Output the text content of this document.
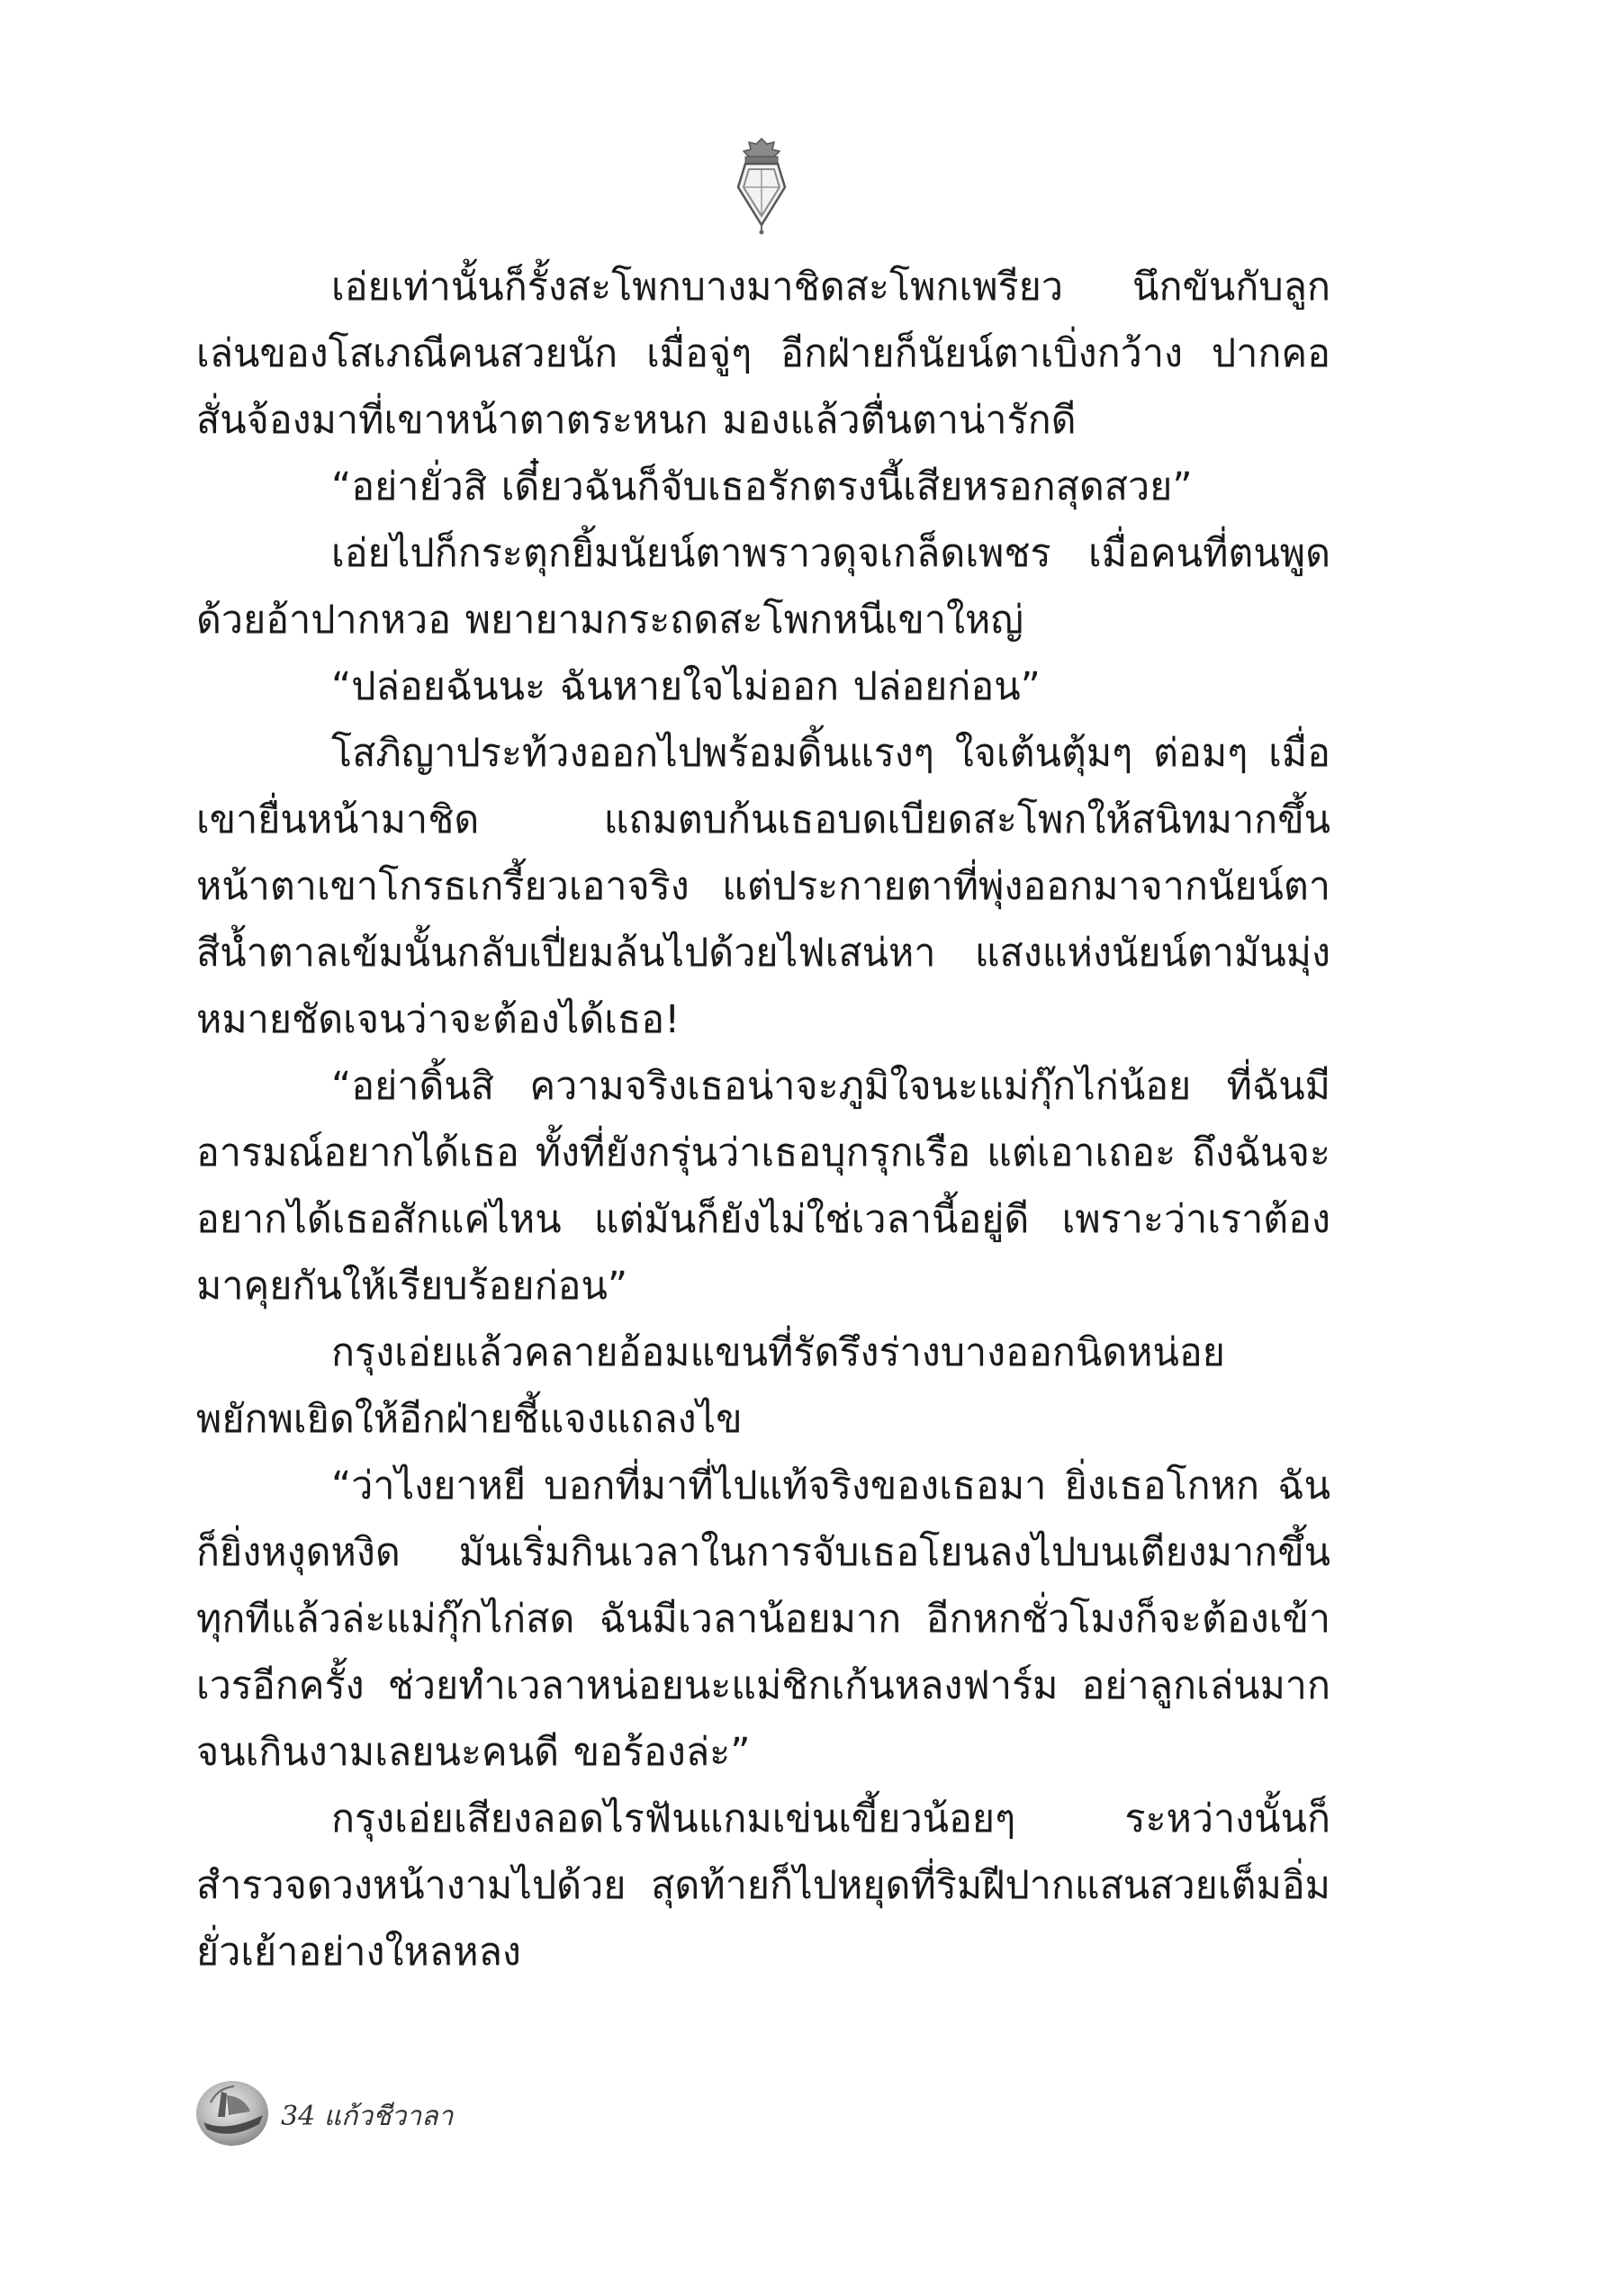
เอ่ยเท่านั้นก็รั้งสะโพกบางมาชิดสะโพกเพรียว นึกขันกับลูกเล่นของโสเภณีคนสวยนัก เมื่อจู่ๆ อีกฝ่ายก็นัยน์ตาเบิ่งกว้าง ปากคอสั่นจ้องมาที่เขาหน้าตาตระหนก มองแล้วตื่นตาน่ารักดี

“อย่ายั่วสิ เดี๋ยวฉันก็จับเธอรักตรงนี้เสียหรอกสุดสวย”

เอ่ยไปก็กระตุกยิ้มนัยน์ตาพราวดุจเกล็ดเพชร เมื่อคนที่ตนพูดด้วยอ้าปากหวอ พยายามกระถดสะโพกหนีเขาใหญ่

“ปล่อยฉันนะ ฉันหายใจไม่ออก ปล่อยก่อน”

โสภิญาประท้วงออกไปพร้อมดิ้นแรงๆ ใจเต้นตุ้มๆ ต่อมๆ เมื่อเขายื่นหน้ามาชิด แถมตบก้นเธอบดเบียดสะโพกให้สนิทมากขึ้น หน้าตาเขาโกรธเกรี้ยวเอาจริง แต่ประกายตาที่พุ่งออกมาจากนัยน์ตาสีน้ำตาลเข้มนั้นกลับเปี่ยมล้นไปด้วยไฟเสน่หา แสงแห่งนัยน์ตามันมุ่งหมายชัดเจนว่าจะต้องได้เธอ!

“อย่าดิ้นสิ ความจริงเธอน่าจะภูมิใจนะแม่กุ๊กไก่น้อย ที่ฉันมีอารมณ์อยากได้เธอ ทั้งที่ยังกรุ่นว่าเธอบุกรุกเรือ แต่เอาเถอะ ถึงฉันจะอยากได้เธอสักแค่ไหน แต่มันก็ยังไม่ใช่เวลานี้อยู่ดี เพราะว่าเราต้องมาคุยกันให้เรียบร้อยก่อน”

กรุงเอ่ยแล้วคลายอ้อมแขนที่รัดรึงร่างบางออกนิดหน่อย พยักพเยิดให้อีกฝ่ายชี้แจงแถลงไข

“ว่าไงยาหยี บอกที่มาที่ไปแท้จริงของเธอมา ยิ่งเธอโกหก ฉันก็ยิ่งหงุดหงิด มันเริ่มกินเวลาในการจับเธอโยนลงไปบนเตียงมากขึ้นทุกทีแล้วล่ะแม่กุ๊กไก่สด ฉันมีเวลาน้อยมาก อีกหกชั่วโมงก็จะต้องเข้าเวรอีกครั้ง ช่วยทำเวลาหน่อยนะแม่ชิกเก้นหลงฟาร์ม อย่าลูกเล่นมากจนเกินงามเลยนะคนดี ขอร้องล่ะ”

กรุงเอ่ยเสียงลอดไรฟันแกมเข่นเขี้ยวน้อยๆ ระหว่างนั้นก็สำรวจดวงหน้างามไปด้วย สุดท้ายก็ไปหยุดที่ริมฝีปากแสนสวยเต็มอิ่มยั่วเย้าอย่างใหลหลง

34 แก้วชีวาลา
